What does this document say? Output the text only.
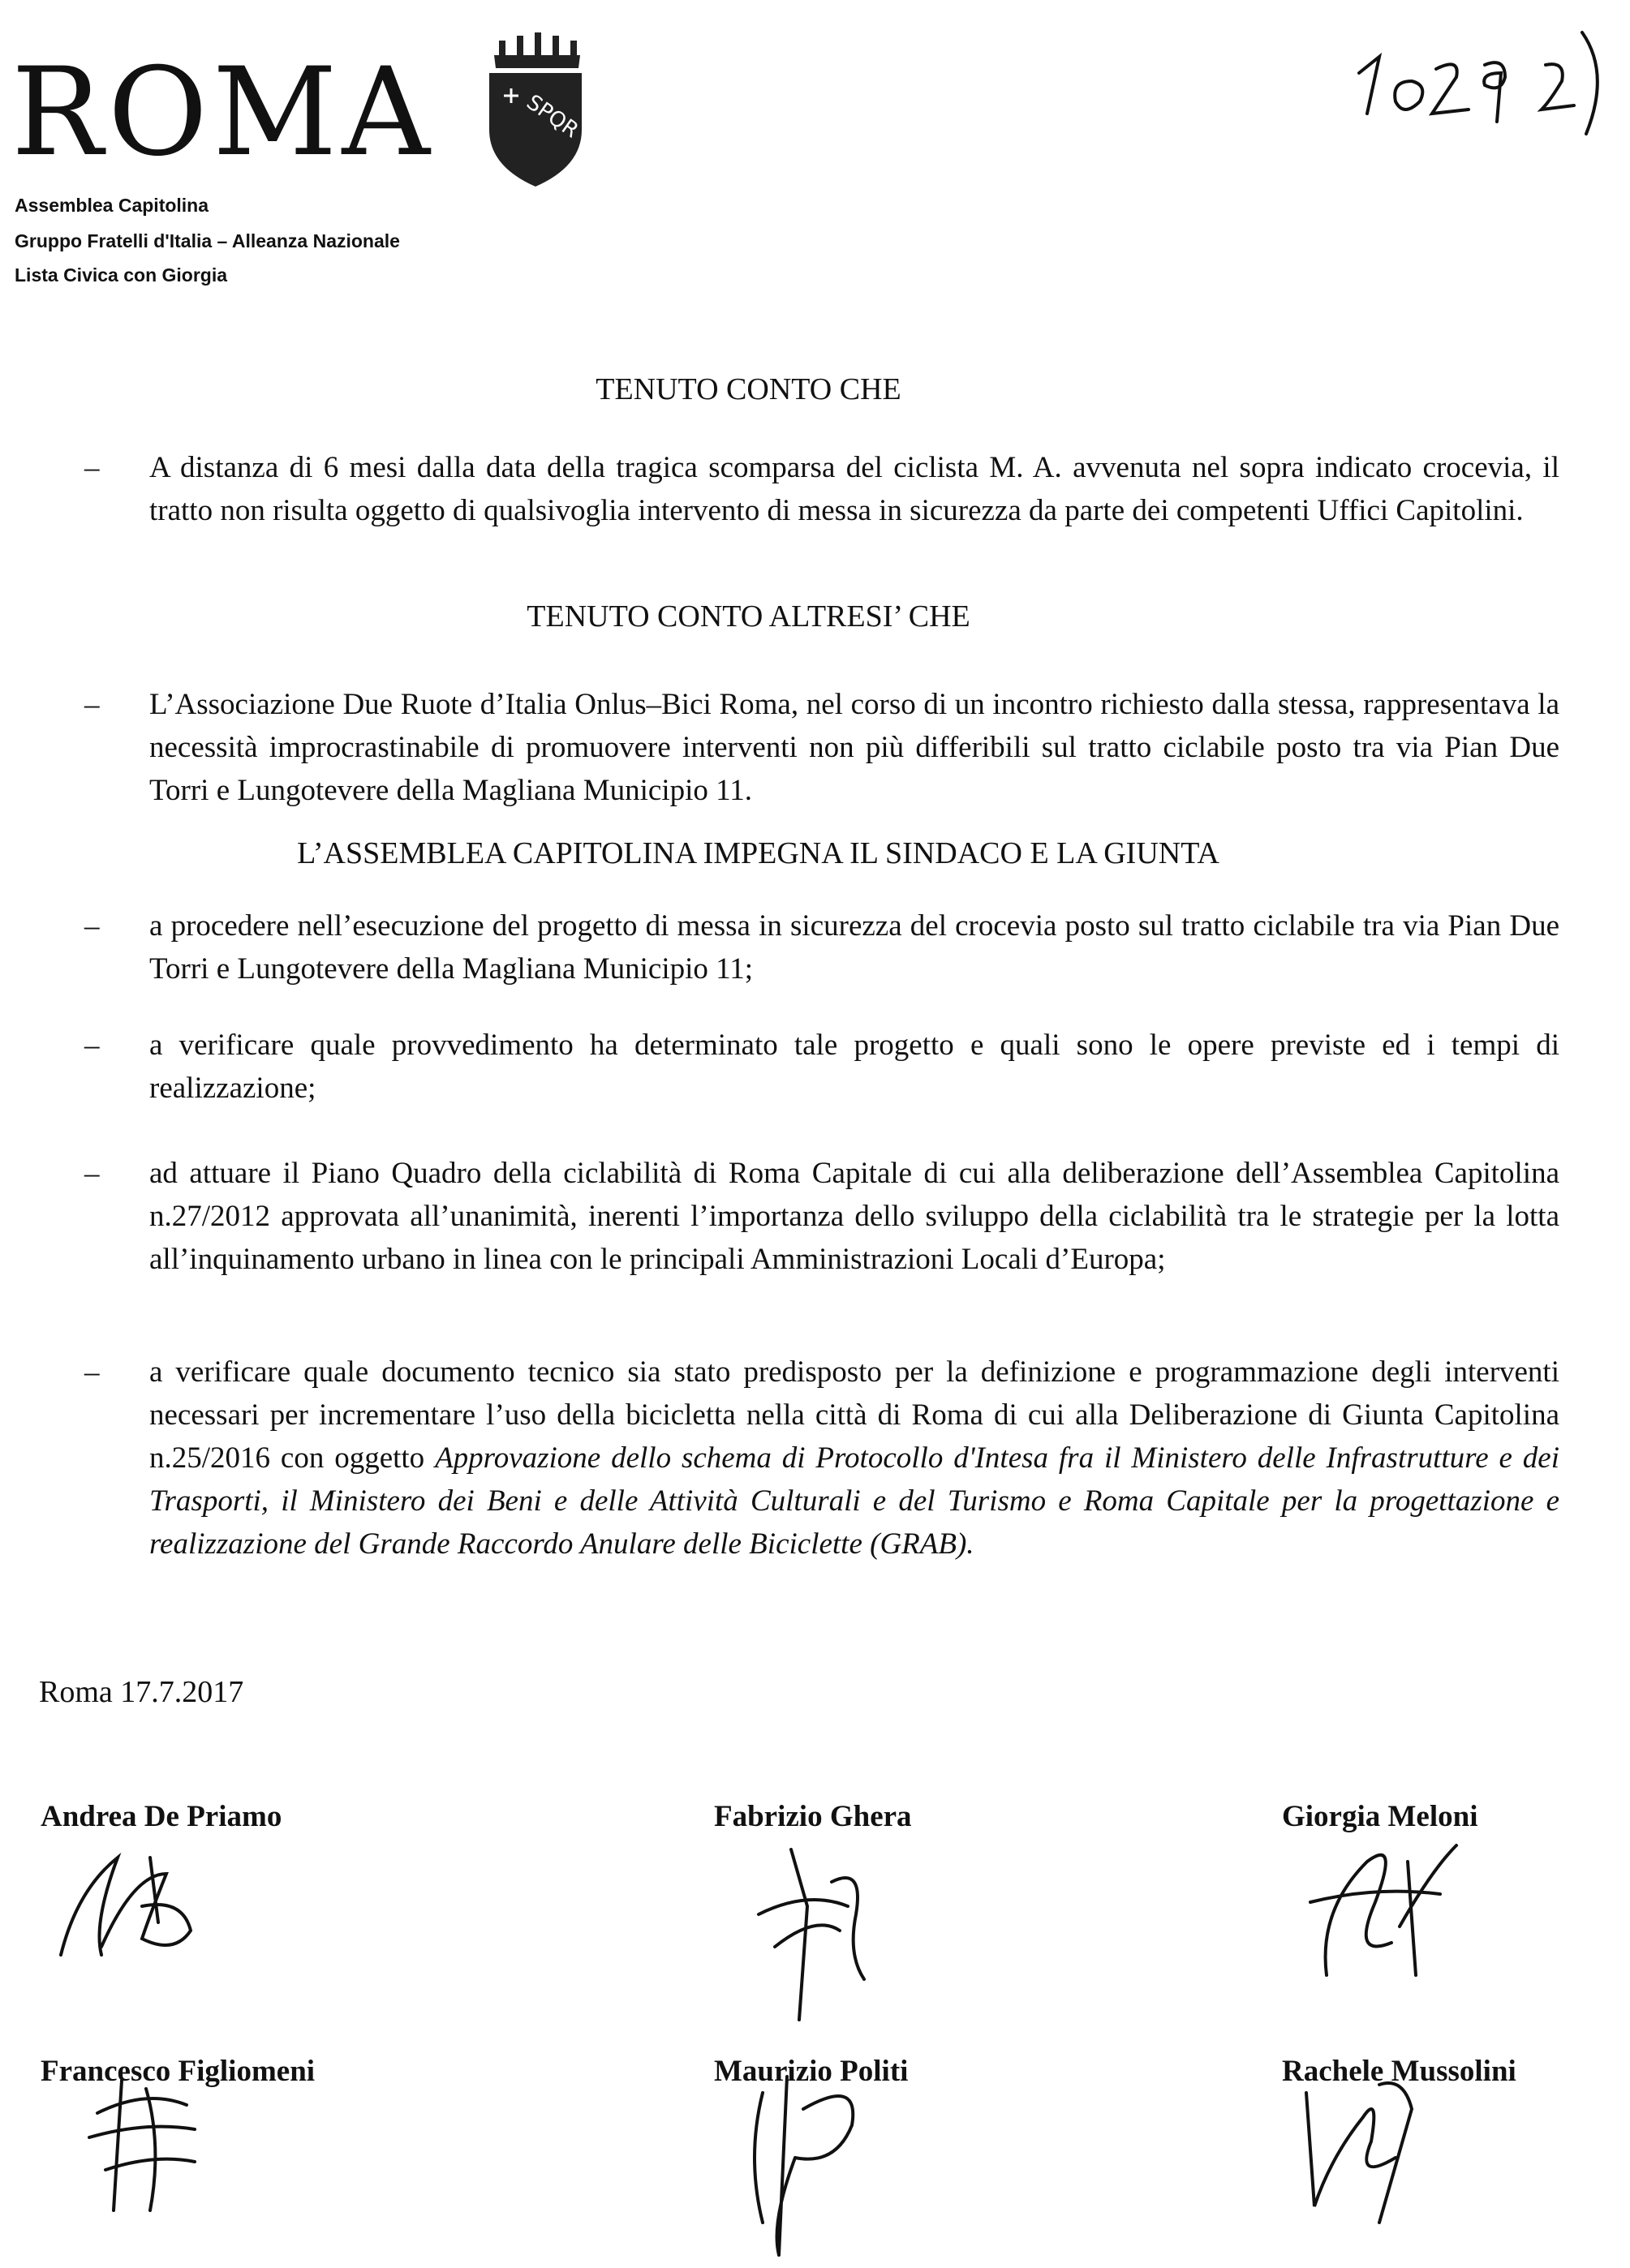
ROMA	SPQR
Assemblea Capitolina
Gruppo Fratelli d'Italia – Alleanza Nazionale
Lista Civica con Giorgia
1029 2)
TENUTO CONTO CHE
– A distanza di 6 mesi dalla data della tragica scomparsa del ciclista M. A. avvenuta nel sopra indicato crocevia, il tratto non risulta oggetto di qualsivoglia intervento di messa in sicurezza da parte dei competenti Uffici Capitolini.
TENUTO CONTO ALTRESI’ CHE
– L’Associazione Due Ruote d’Italia Onlus–Bici Roma, nel corso di un incontro richiesto dalla stessa, rappresentava la necessità improcrastinabile di promuovere interventi non più differibili sul tratto ciclabile posto tra via Pian Due Torri e Lungotevere della Magliana Municipio 11.
L’ASSEMBLEA CAPITOLINA IMPEGNA IL SINDACO E LA GIUNTA
– a procedere nell’esecuzione del progetto di messa in sicurezza del crocevia posto sul tratto ciclabile tra via Pian Due Torri e Lungotevere della Magliana Municipio 11;
– a verificare quale provvedimento ha determinato tale progetto e quali sono le opere previste ed i tempi di realizzazione;
– ad attuare il Piano Quadro della ciclabilità di Roma Capitale di cui alla deliberazione dell’Assemblea Capitolina n.27/2012 approvata all’unanimità, inerenti l’importanza dello sviluppo della ciclabilità tra le strategie per la lotta all’inquinamento urbano in linea con le principali Amministrazioni Locali d’Europa;
– a verificare quale documento tecnico sia stato predisposto per la definizione e programmazione degli interventi necessari per incrementare l’uso della bicicletta nella città di Roma di cui alla Deliberazione di Giunta Capitolina n.25/2016 con oggetto Approvazione dello schema di Protocollo d'Intesa fra il Ministero delle Infrastrutture e dei Trasporti, il Ministero dei Beni e delle Attività Culturali e del Turismo e Roma Capitale per la progettazione e realizzazione del Grande Raccordo Anulare delle Biciclette (GRAB).
Roma 17.7.2017
Andrea De Priamo	Fabrizio Ghera	Giorgia Meloni
Francesco Figliomeni	Maurizio Politi	Rachele Mussolini
